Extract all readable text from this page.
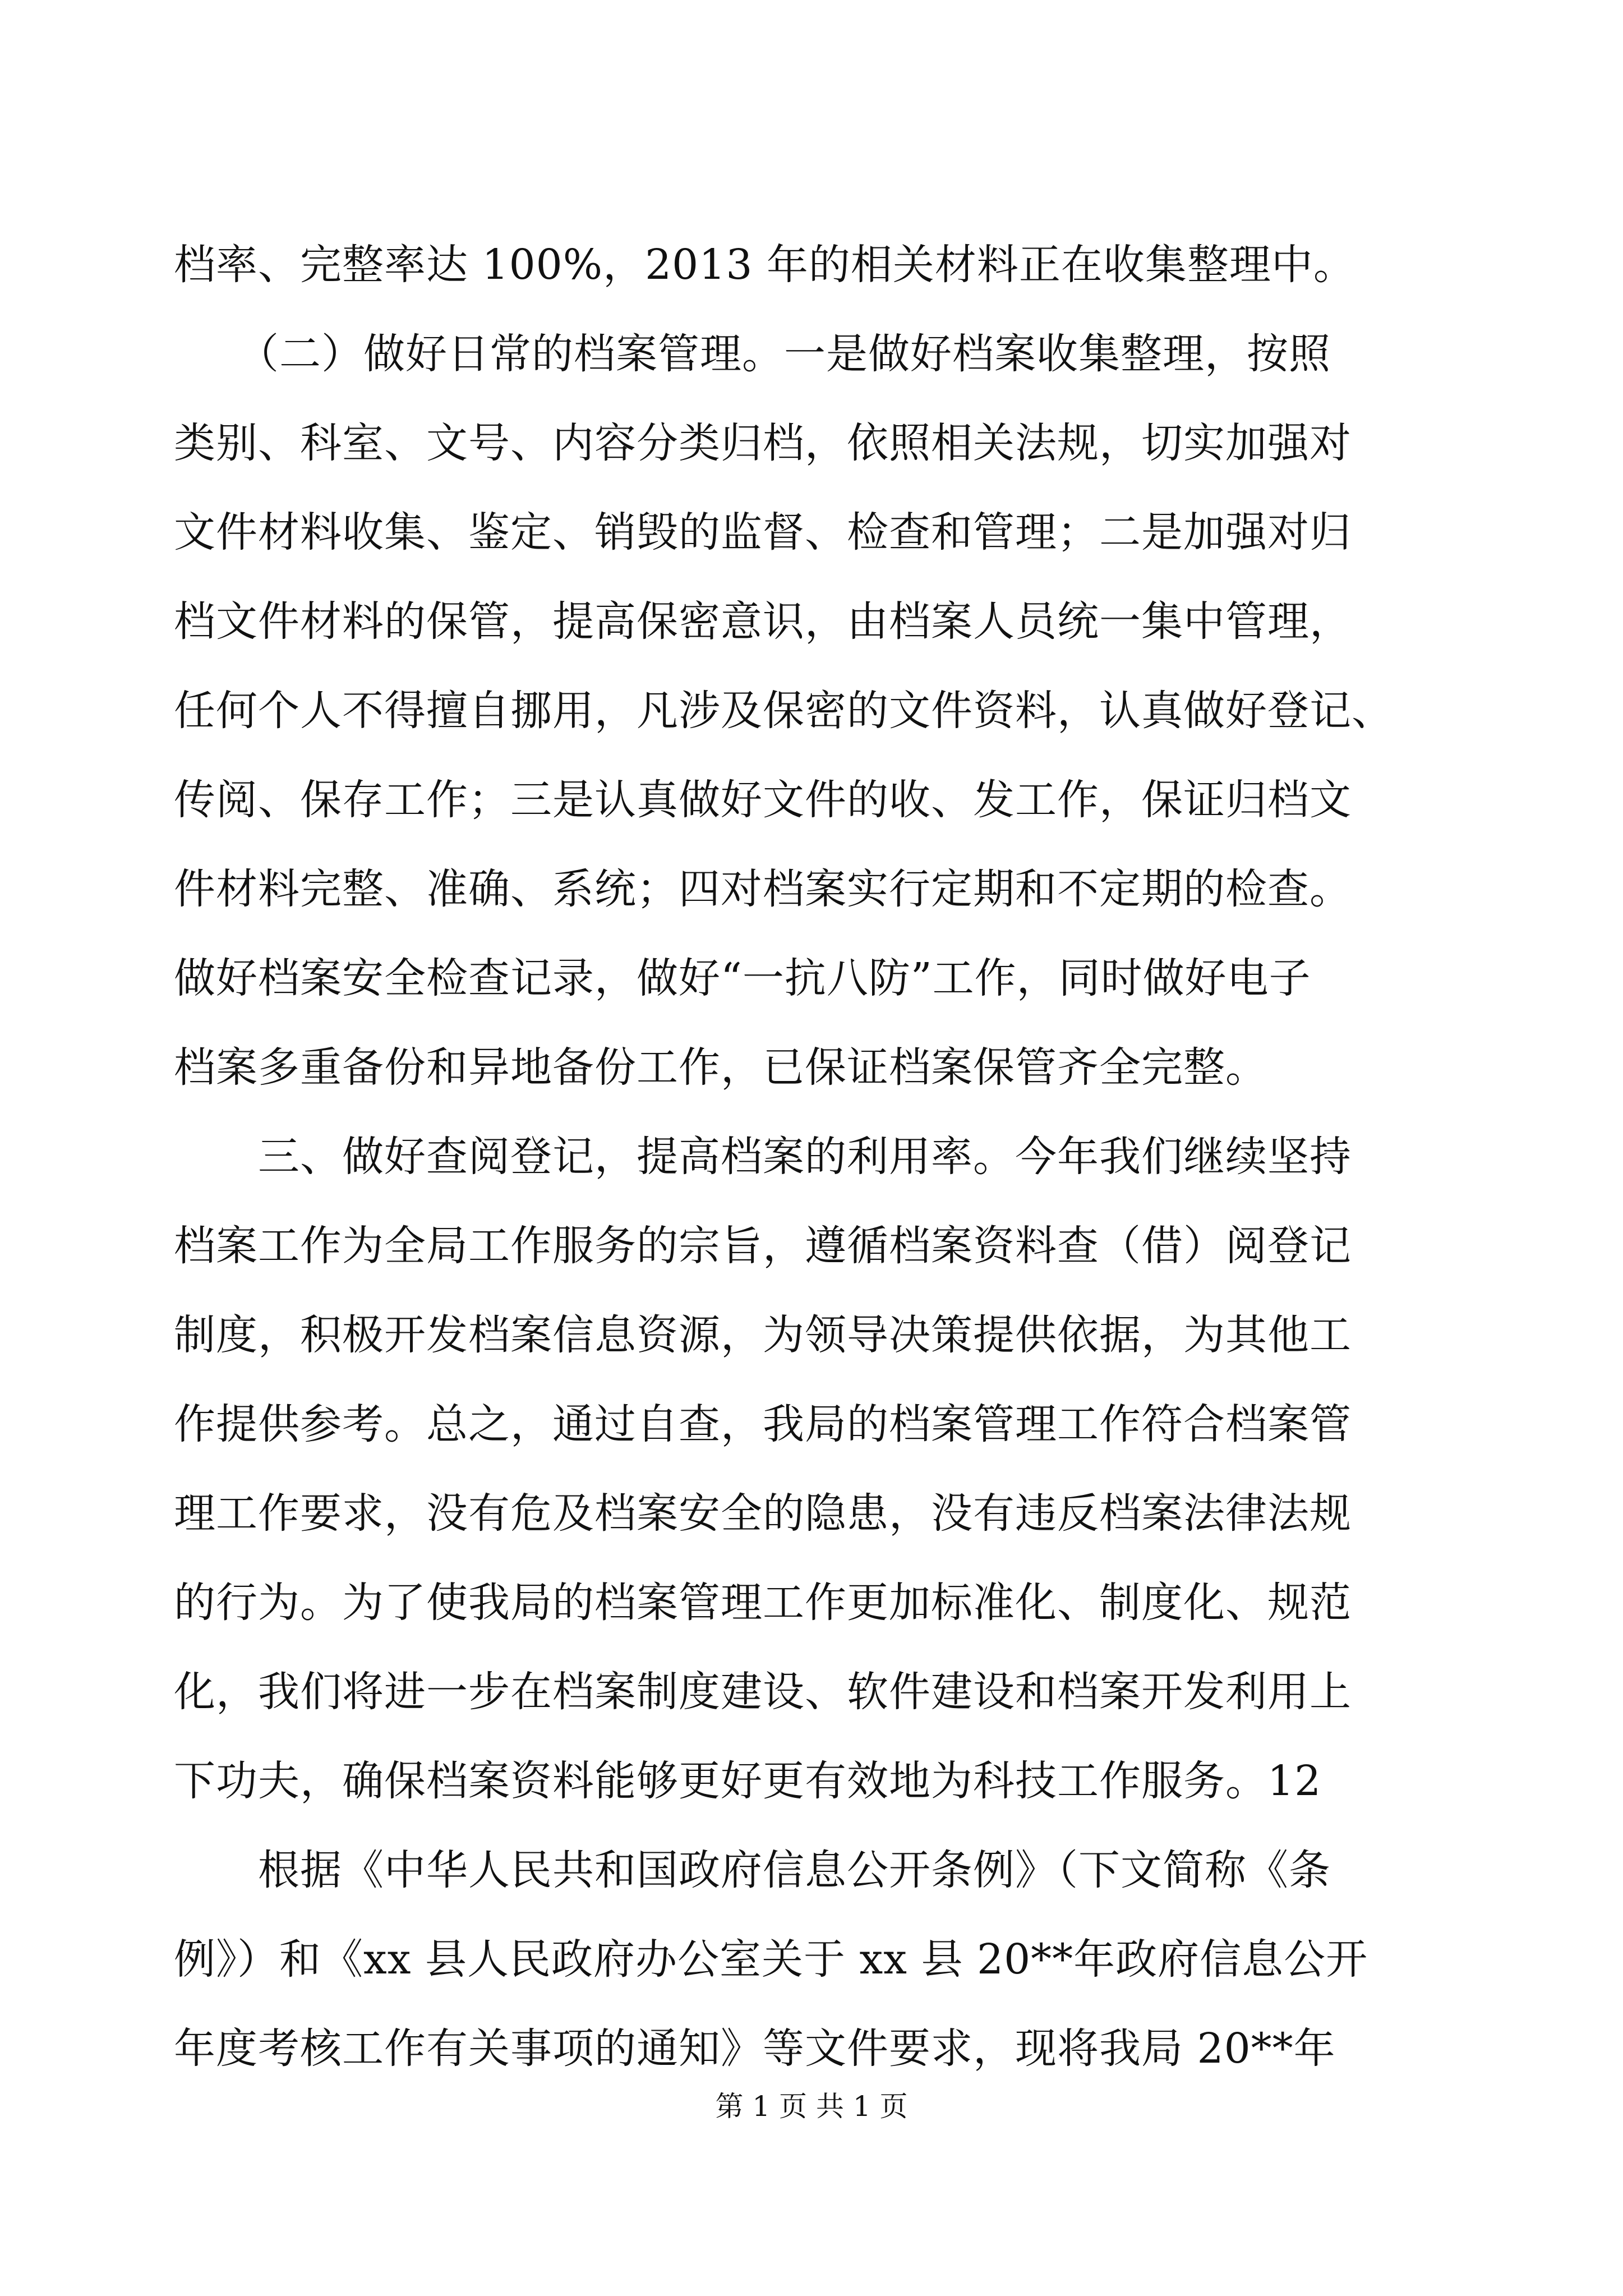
档率、完整率达 100%，2013 年的相关材料正在收集整理中。
　　（二）做好日常的档案管理。一是做好档案收集整理，按照
类别、科室、文号、内容分类归档，依照相关法规，切实加强对
文件材料收集、鉴定、销毁的监督、检查和管理；二是加强对归
档文件材料的保管，提高保密意识，由档案人员统一集中管理，
任何个人不得擅自挪用，凡涉及保密的文件资料，认真做好登记、
传阅、保存工作；三是认真做好文件的收、发工作，保证归档文
件材料完整、准确、系统；四对档案实行定期和不定期的检查。
做好档案安全检查记录，做好“一抗八防”工作，同时做好电子
档案多重备份和异地备份工作，已保证档案保管齐全完整。
　　三、做好查阅登记，提高档案的利用率。今年我们继续坚持
档案工作为全局工作服务的宗旨，遵循档案资料查（借）阅登记
制度，积极开发档案信息资源，为领导决策提供依据，为其他工
作提供参考。总之，通过自查，我局的档案管理工作符合档案管
理工作要求，没有危及档案安全的隐患，没有违反档案法律法规
的行为。为了使我局的档案管理工作更加标准化、制度化、规范
化，我们将进一步在档案制度建设、软件建设和档案开发利用上
下功夫，确保档案资料能够更好更有效地为科技工作服务。12
　　根据《中华人民共和国政府信息公开条例》（下文简称《条
例》）和《xx 县人民政府办公室关于 xx 县 20**年政府信息公开
年度考核工作有关事项的通知》等文件要求，现将我局 20**年
第 1 页 共 1 页
